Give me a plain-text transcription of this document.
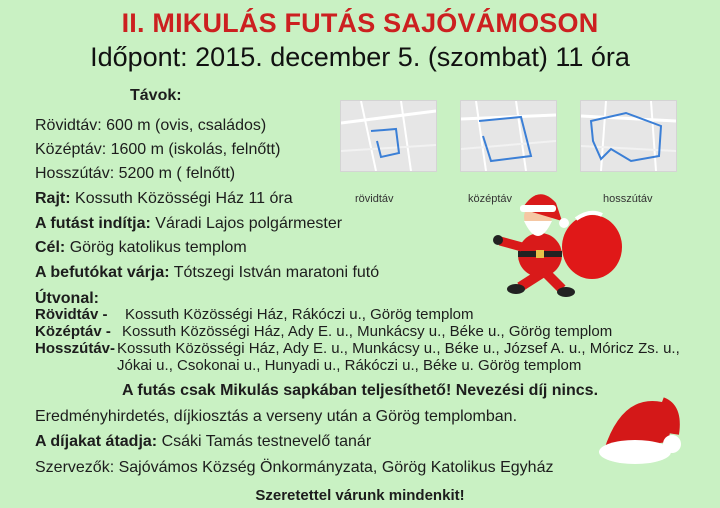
II. MIKULÁS FUTÁS SAJÓVÁMOSON
Időpont: 2015. december 5. (szombat) 11 óra
Távok:
Rövidtáv: 600 m (ovis, családos)
Középtáv: 1600 m (iskolás, felnőtt)
Hosszútáv: 5200 m ( felnőtt)
Rajt: Kossuth Közösségi Ház 11 óra
A futást indítja: Váradi Lajos polgármester
Cél: Görög katolikus templom
A befutókat várja: Tótszegi István maratoni futó
rövidtáv	középtáv	hosszútáv
Útvonal:
Rövidtáv - Kossuth Közösségi Ház, Rákóczi u., Görög templom
Középtáv - Kossuth Közösségi Ház, Ady E. u., Munkácsy u., Béke u., Görög templom
Hosszútáv- Kossuth Közösségi Ház, Ady E. u., Munkácsy u., Béke u., József A. u., Móricz Zs. u.,
Jókai u., Csokonai u., Hunyadi u., Rákóczi u., Béke u. Görög templom
A futás csak Mikulás sapkában teljesíthető! Nevezési díj nincs.
Eredményhirdetés, díjkiosztás a verseny után a Görög templomban.
A díjakat átadja: Csáki Tamás testnevelő tanár
Szervezők: Sajóvámos Község Önkormányzata, Görög Katolikus Egyház
Szeretettel várunk mindenkit!
